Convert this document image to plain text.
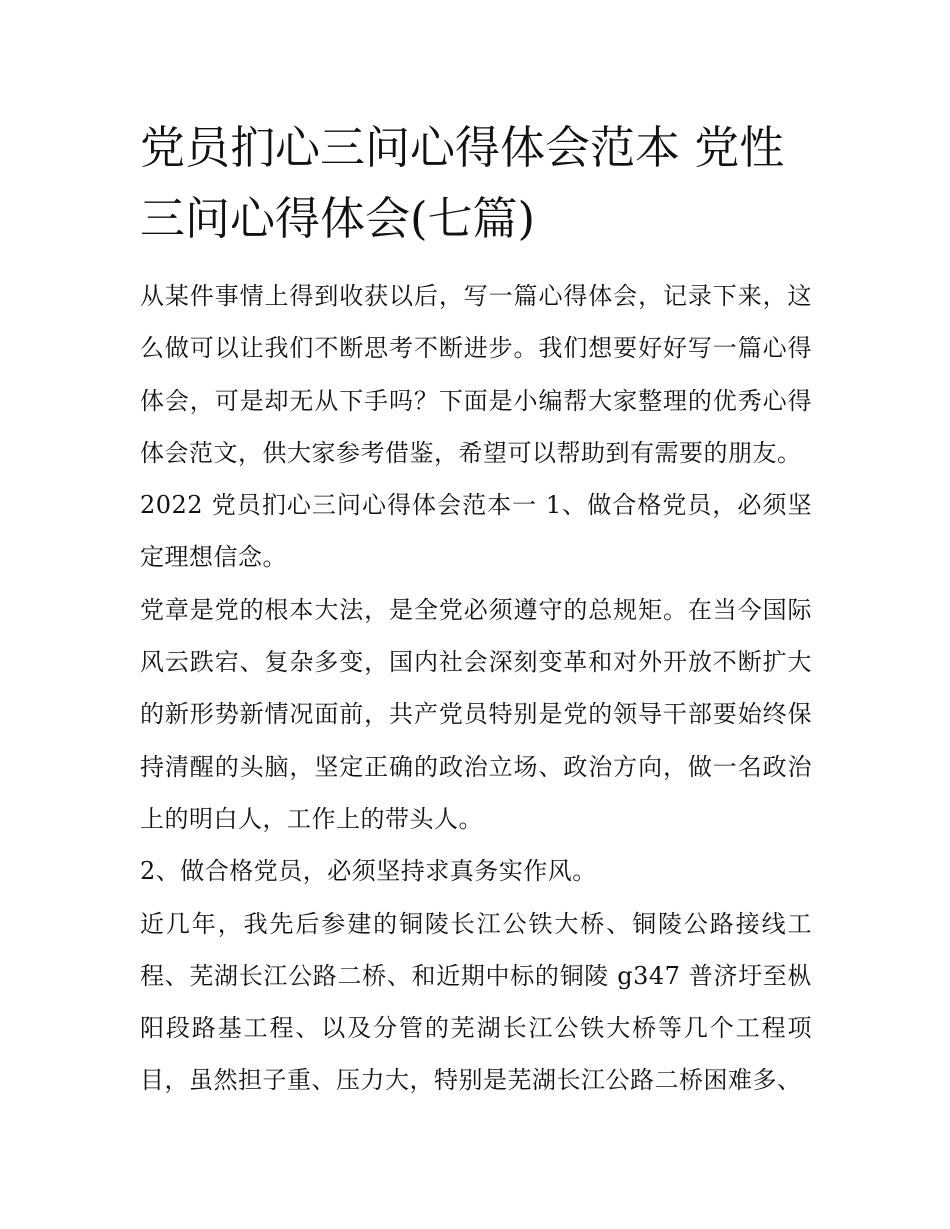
党员扪心三问心得体会范本 党性三问心得体会(七篇)

从某件事情上得到收获以后，写一篇心得体会，记录下来，这么做可以让我们不断思考不断进步。我们想要好好写一篇心得体会，可是却无从下手吗？下面是小编帮大家整理的优秀心得体会范文，供大家参考借鉴，希望可以帮助到有需要的朋友。

2022 党员扪心三问心得体会范本一 1、做合格党员，必须坚定理想信念。

党章是党的根本大法，是全党必须遵守的总规矩。在当今国际风云跌宕、复杂多变，国内社会深刻变革和对外开放不断扩大的新形势新情况面前，共产党员特别是党的领导干部要始终保持清醒的头脑，坚定正确的政治立场、政治方向，做一名政治上的明白人，工作上的带头人。

2、做合格党员，必须坚持求真务实作风。

近几年，我先后参建的铜陵长江公铁大桥、铜陵公路接线工程、芜湖长江公路二桥、和近期中标的铜陵 g347 普济圩至枞阳段路基工程、以及分管的芜湖长江公铁大桥等几个工程项目，虽然担子重、压力大，特别是芜湖长江公路二桥困难多、
